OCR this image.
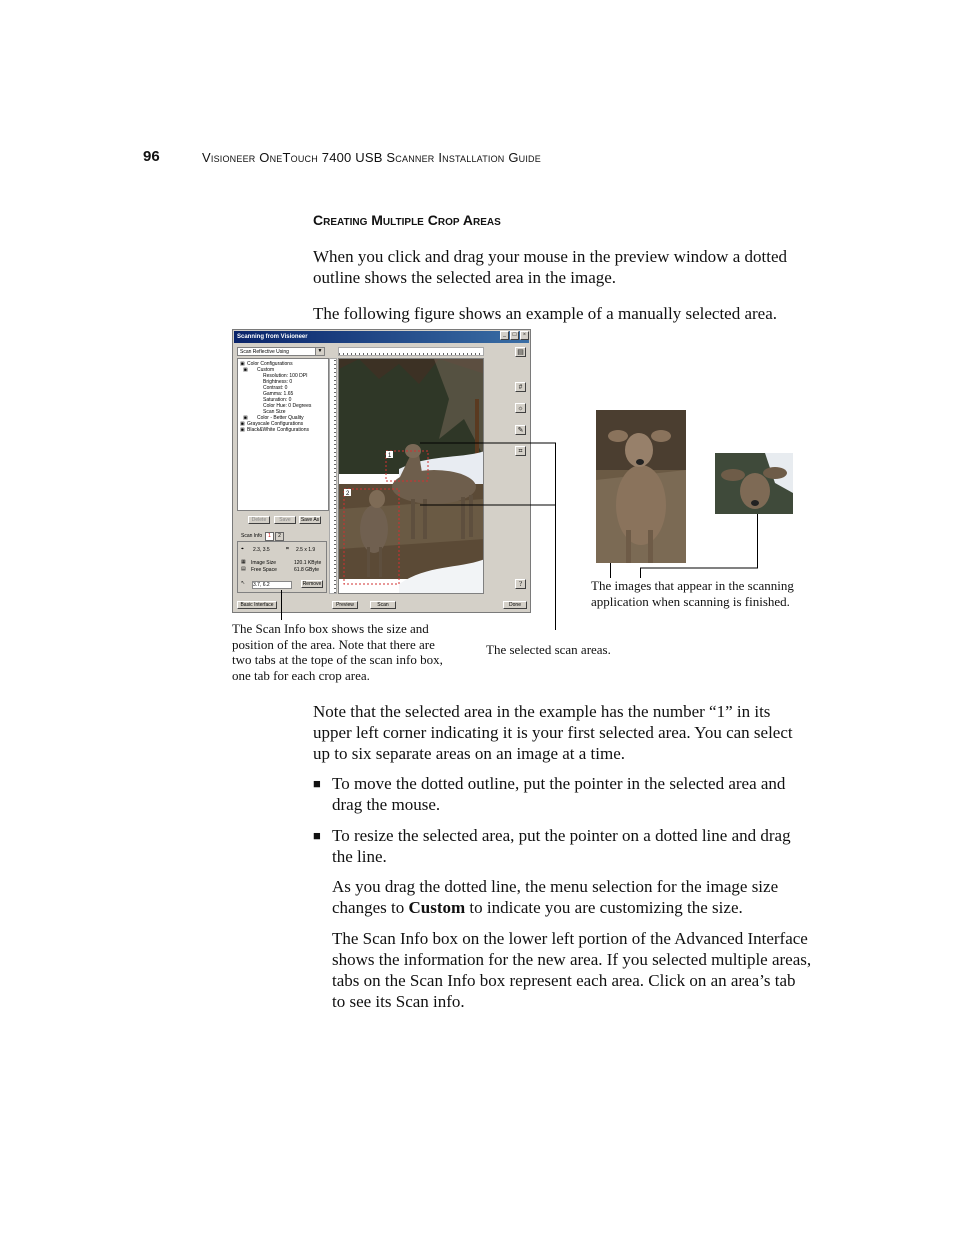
96	Visioneer OneTouch 7400 USB Scanner Installation Guide
Creating Multiple Crop Areas
When you click and drag your mouse in the preview window a dotted outline shows the selected area in the image.
The following figure shows an example of a manually selected area.
Scanning from Visioneer	_	□	×
Scan Reflective Using	▼
▣ Color Configurations
▣ Custom
Resolution: 100 DPI
Brightness: 0
Contrast: 0
Gamma: 1.65
Saturation: 0
Color Hue: 0 Degrees
Scan Size
▣ Color - Better Quality
▣ Grayscale Configurations
▣ Black&White Configurations
Delete	Save	Save As
Scan Info	1	2
⌖ 2.3, 3.5	⌗ 2.5 x 1.9
▦ Image Size	120.1 KByte
▤ Free Space	61.8 GByte
↖ 3.7, 6.2	Remove
1
2
▤
#
☼
✎
⌗
?
Basic Interface	Preview	Scan	Done
The Scan Info box shows the size and position of the area. Note that there are two tabs at the tope of the scan info box, one tab for each crop area.
The selected scan areas.
The images that appear in the scanning application when scanning is finished.
Note that the selected area in the example has the number “1” in its upper left corner indicating it is your first selected area. You can select up to six separate areas on an image at a time.
■ To move the dotted outline, put the pointer in the selected area and drag the mouse.
■ To resize the selected area, put the pointer on a dotted line and drag the line.
As you drag the dotted line, the menu selection for the image size changes to Custom to indicate you are customizing the size.
The Scan Info box on the lower left portion of the Advanced Interface shows the information for the new area. If you selected multiple areas, tabs on the Scan Info box represent each area. Click on an area’s tab to see its Scan info.
